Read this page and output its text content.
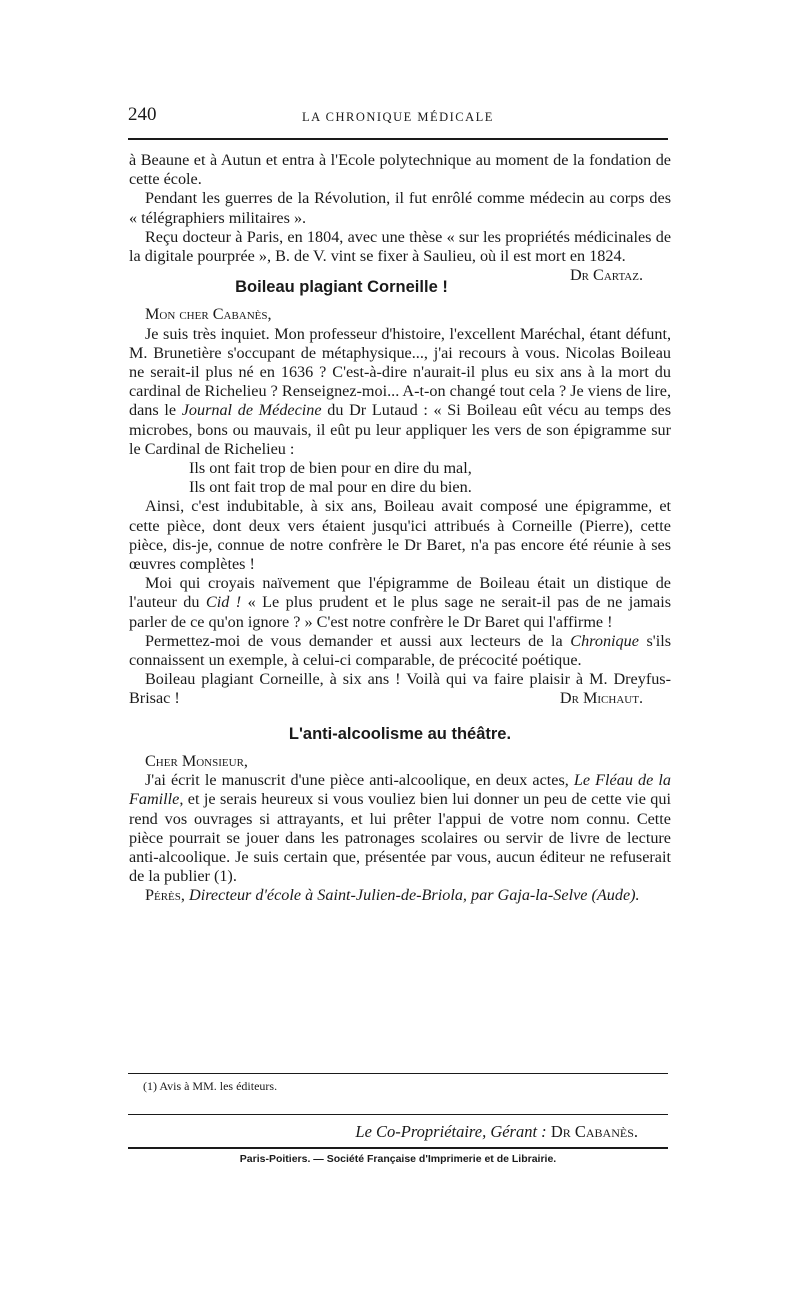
240	LA CHRONIQUE MÉDICALE

à Beaune et à Autun et entra à l'Ecole polytechnique au moment de la fondation de cette école.

Pendant les guerres de la Révolution, il fut enrôlé comme médecin au corps des « télégraphiers militaires ».

Reçu docteur à Paris, en 1804, avec une thèse « sur les propriétés médicinales de la digitale pourprée », B. de V. vint se fixer à Saulieu, où il est mort en 1824.
Dr Cartaz.

Boileau plagiant Corneille !

Mon cher Cabanès,

Je suis très inquiet. Mon professeur d'histoire, l'excellent Maréchal, étant défunt, M. Brunetière s'occupant de métaphysique..., j'ai recours à vous. Nicolas Boileau ne serait-il plus né en 1636 ? C'est-à-dire n'aurait-il plus eu six ans à la mort du cardinal de Richelieu ? Renseignez-moi... A-t-on changé tout cela ? Je viens de lire, dans le Journal de Médecine du Dr Lutaud : « Si Boileau eût vécu au temps des microbes, bons ou mauvais, il eût pu leur appliquer les vers de son épigramme sur le Cardinal de Richelieu :

Ils ont fait trop de bien pour en dire du mal,

Ils ont fait trop de mal pour en dire du bien.

Ainsi, c'est indubitable, à six ans, Boileau avait composé une épigramme, et cette pièce, dont deux vers étaient jusqu'ici attribués à Corneille (Pierre), cette pièce, dis-je, connue de notre confrère le Dr Baret, n'a pas encore été réunie à ses œuvres complètes !

Moi qui croyais naïvement que l'épigramme de Boileau était un distique de l'auteur du Cid ! « Le plus prudent et le plus sage ne serait-il pas de ne jamais parler de ce qu'on ignore ? » C'est notre confrère le Dr Baret qui l'affirme !

Permettez-moi de vous demander et aussi aux lecteurs de la Chronique s'ils connaissent un exemple, à celui-ci comparable, de précocité poétique.

Boileau plagiant Corneille, à six ans ! Voilà qui va faire plaisir à M. Dreyfus-Brisac !	Dr Michaut.

L'anti-alcoolisme au théâtre.

Cher Monsieur,

J'ai écrit le manuscrit d'une pièce anti-alcoolique, en deux actes, Le Fléau de la Famille, et je serais heureux si vous vouliez bien lui donner un peu de cette vie qui rend vos ouvrages si attrayants, et lui prêter l'appui de votre nom connu. Cette pièce pourrait se jouer dans les patronages scolaires ou servir de livre de lecture anti-alcoolique. Je suis certain que, présentée par vous, aucun éditeur ne refuserait de la publier (1).

Pérès, Directeur d'école à Saint-Julien-de-Briola, par Gaja-la-Selve (Aude).

(1) Avis à MM. les éditeurs.
Le Co-Propriétaire, Gérant : Dr Cabanès.
Paris-Poitiers. — Société Française d'Imprimerie et de Librairie.
